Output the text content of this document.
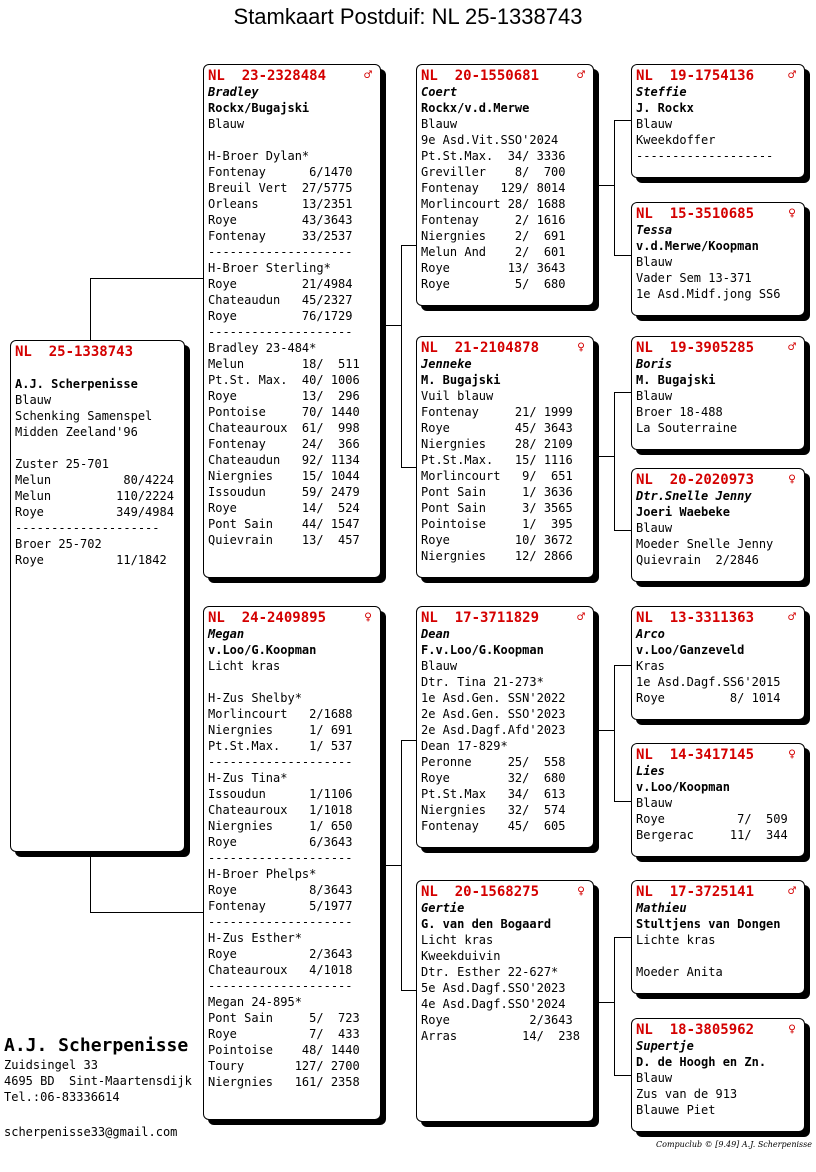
Stamkaart Postduif: NL 25-1338743
NL  25-1338743

A.J. Scherpenisse
Blauw
Schenking Samenspel
Midden Zeeland'96

Zuster 25-701
Melun          80/4224
Melun         110/2224
Roye          349/4984
--------------------
Broer 25-702
Roye          11/1842
NL  23-2328484	♂
Bradley
Rockx/Bugajski
Blauw

H-Broer Dylan*
Fontenay      6/1470
Breuil Vert  27/5775
Orleans      13/2351
Roye         43/3643
Fontenay     33/2537
--------------------
H-Broer Sterling*
Roye         21/4984
Chateaudun   45/2327
Roye         76/1729
--------------------
Bradley 23-484*
Melun        18/  511
Pt.St. Max.  40/ 1006
Roye         13/  296
Pontoise     70/ 1440
Chateauroux  61/  998
Fontenay     24/  366
Chateaudun   92/ 1134
Niergnies    15/ 1044
Issoudun     59/ 2479
Roye         14/  524
Pont Sain    44/ 1547
Quievrain    13/  457
NL  24-2409895	♀
Megan
v.Loo/G.Koopman
Licht kras

H-Zus Shelby*
Morlincourt   2/1688
Niergnies     1/ 691
Pt.St.Max.    1/ 537
--------------------
H-Zus Tina*
Issoudun      1/1106
Chateauroux   1/1018
Niergnies     1/ 650
Roye          6/3643
--------------------
H-Broer Phelps*
Roye          8/3643
Fontenay      5/1977
--------------------
H-Zus Esther*
Roye          2/3643
Chateauroux   4/1018
--------------------
Megan 24-895*
Pont Sain     5/  723
Roye          7/  433
Pointoise    48/ 1440
Toury       127/ 2700
Niergnies   161/ 2358
NL  20-1550681	♂
Coert
Rockx/v.d.Merwe
Blauw
9e Asd.Vit.SSO'2024
Pt.St.Max.  34/ 3336
Greviller    8/  700
Fontenay   129/ 8014
Morlincourt 28/ 1688
Fontenay     2/ 1616
Niergnies    2/  691
Melun And    2/  601
Roye        13/ 3643
Roye         5/  680
NL  21-2104878	♀
Jenneke
M. Bugajski
Vuil blauw
Fontenay     21/ 1999
Roye         45/ 3643
Niergnies    28/ 2109
Pt.St.Max.   15/ 1116
Morlincourt   9/  651
Pont Sain     1/ 3636
Pont Sain     3/ 3565
Pointoise     1/  395
Roye         10/ 3672
Niergnies    12/ 2866
NL  17-3711829	♂
Dean
F.v.Loo/G.Koopman
Blauw
Dtr. Tina 21-273*
1e Asd.Gen. SSN'2022
2e Asd.Gen. SSO'2023
2e Asd.Dagf.Afd'2023
Dean 17-829*
Peronne     25/  558
Roye        32/  680
Pt.St.Max   34/  613
Niergnies   32/  574
Fontenay    45/  605
NL  20-1568275	♀
Gertie
G. van den Bogaard
Licht kras
Kweekduivin
Dtr. Esther 22-627*
5e Asd.Dagf.SSO'2023
4e Asd.Dagf.SSO'2024
Roye           2/3643
Arras         14/  238
NL  19-1754136	♂
Steffie
J. Rockx
Blauw
Kweekdoffer
-------------------
NL  15-3510685	♀
Tessa
v.d.Merwe/Koopman
Blauw
Vader Sem 13-371
1e Asd.Midf.jong SS6
NL  19-3905285	♂
Boris
M. Bugajski
Blauw
Broer 18-488
La Souterraine
NL  20-2020973	♀
Dtr.Snelle Jenny
Joeri Waebeke
Blauw
Moeder Snelle Jenny
Quievrain  2/2846
NL  13-3311363	♂
Arco
v.Loo/Ganzeveld
Kras
1e Asd.Dagf.SS6'2015
Roye         8/ 1014
NL  14-3417145	♀
Lies
v.Loo/Koopman
Blauw
Roye          7/  509
Bergerac     11/  344
NL  17-3725141	♂
Mathieu
Stultjens van Dongen
Lichte kras

Moeder Anita
NL  18-3805962	♀
Supertje
D. de Hoogh en Zn.
Blauw
Zus van de 913
Blauwe Piet
A.J. Scherpenisse
Zuidsingel 33
4695 BD  Sint-Maartensdijk
Tel.:06-83336614
scherpenisse33@gmail.com
Compuclub © [9.49] A.J. Scherpenisse
